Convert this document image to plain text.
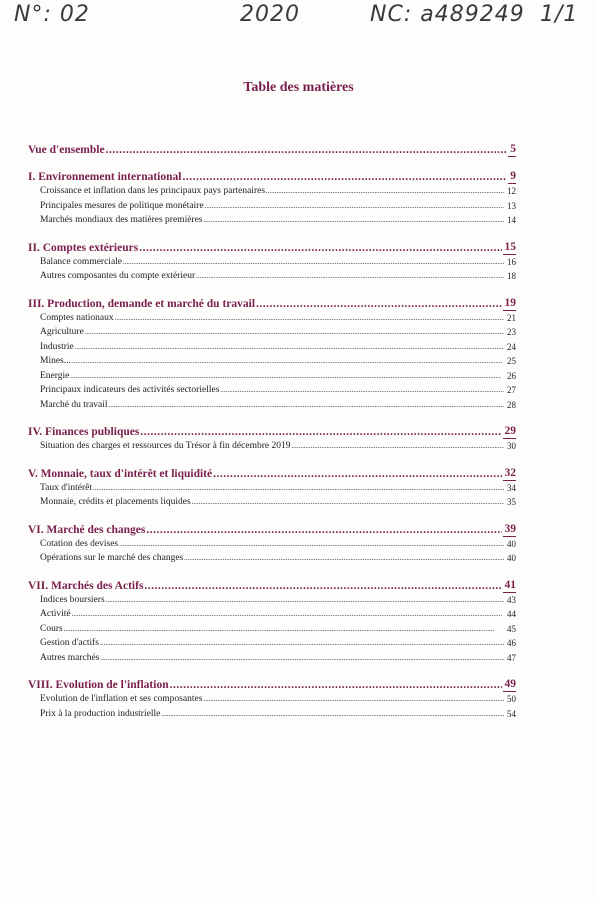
N°: 02	2020	NC: a489249 1/1
Table des matières
Vue d'ensemble .....	5
I. Environnement international .....	9
Croissance et inflation dans les principaux pays partenaires .....	12
Principales mesures de politique monétaire .....	13
Marchés mondiaux des matières premières .....	14
II. Comptes extérieurs .....	15
Balance commerciale .....	16
Autres composantes du compte extérieur .....	18
III. Production, demande et marché du travail .....	19
Comptes nationaux .....	21
Agriculture .....	23
Industrie .....	24
Mines... .....	25
Energie .....	26
Principaux indicateurs des activités sectorielles .....	27
Marché du travail .....	28
IV. Finances publiques .....	29
Situation des charges et ressources du Trésor à fin décembre 2019 .....	30
V. Monnaie, taux d'intérêt et liquidité .....	32
Taux d'intérêt .....	34
Monnaie, crédits et placements liquides .....	35
VI. Marché des changes .....	39
Cotation des devises .....	40
Opérations sur le marché des changes .....	40
VII. Marchés des Actifs .....	41
Indices boursiers .....	43
Activité .....	44
Cours .....	45
Gestion d'actifs .....	46
Autres marchés .....	47
VIII. Evolution de l'inflation .....	49
Evolution de l'inflation et ses composantes .....	50
Prix à la production industrielle .....	54
